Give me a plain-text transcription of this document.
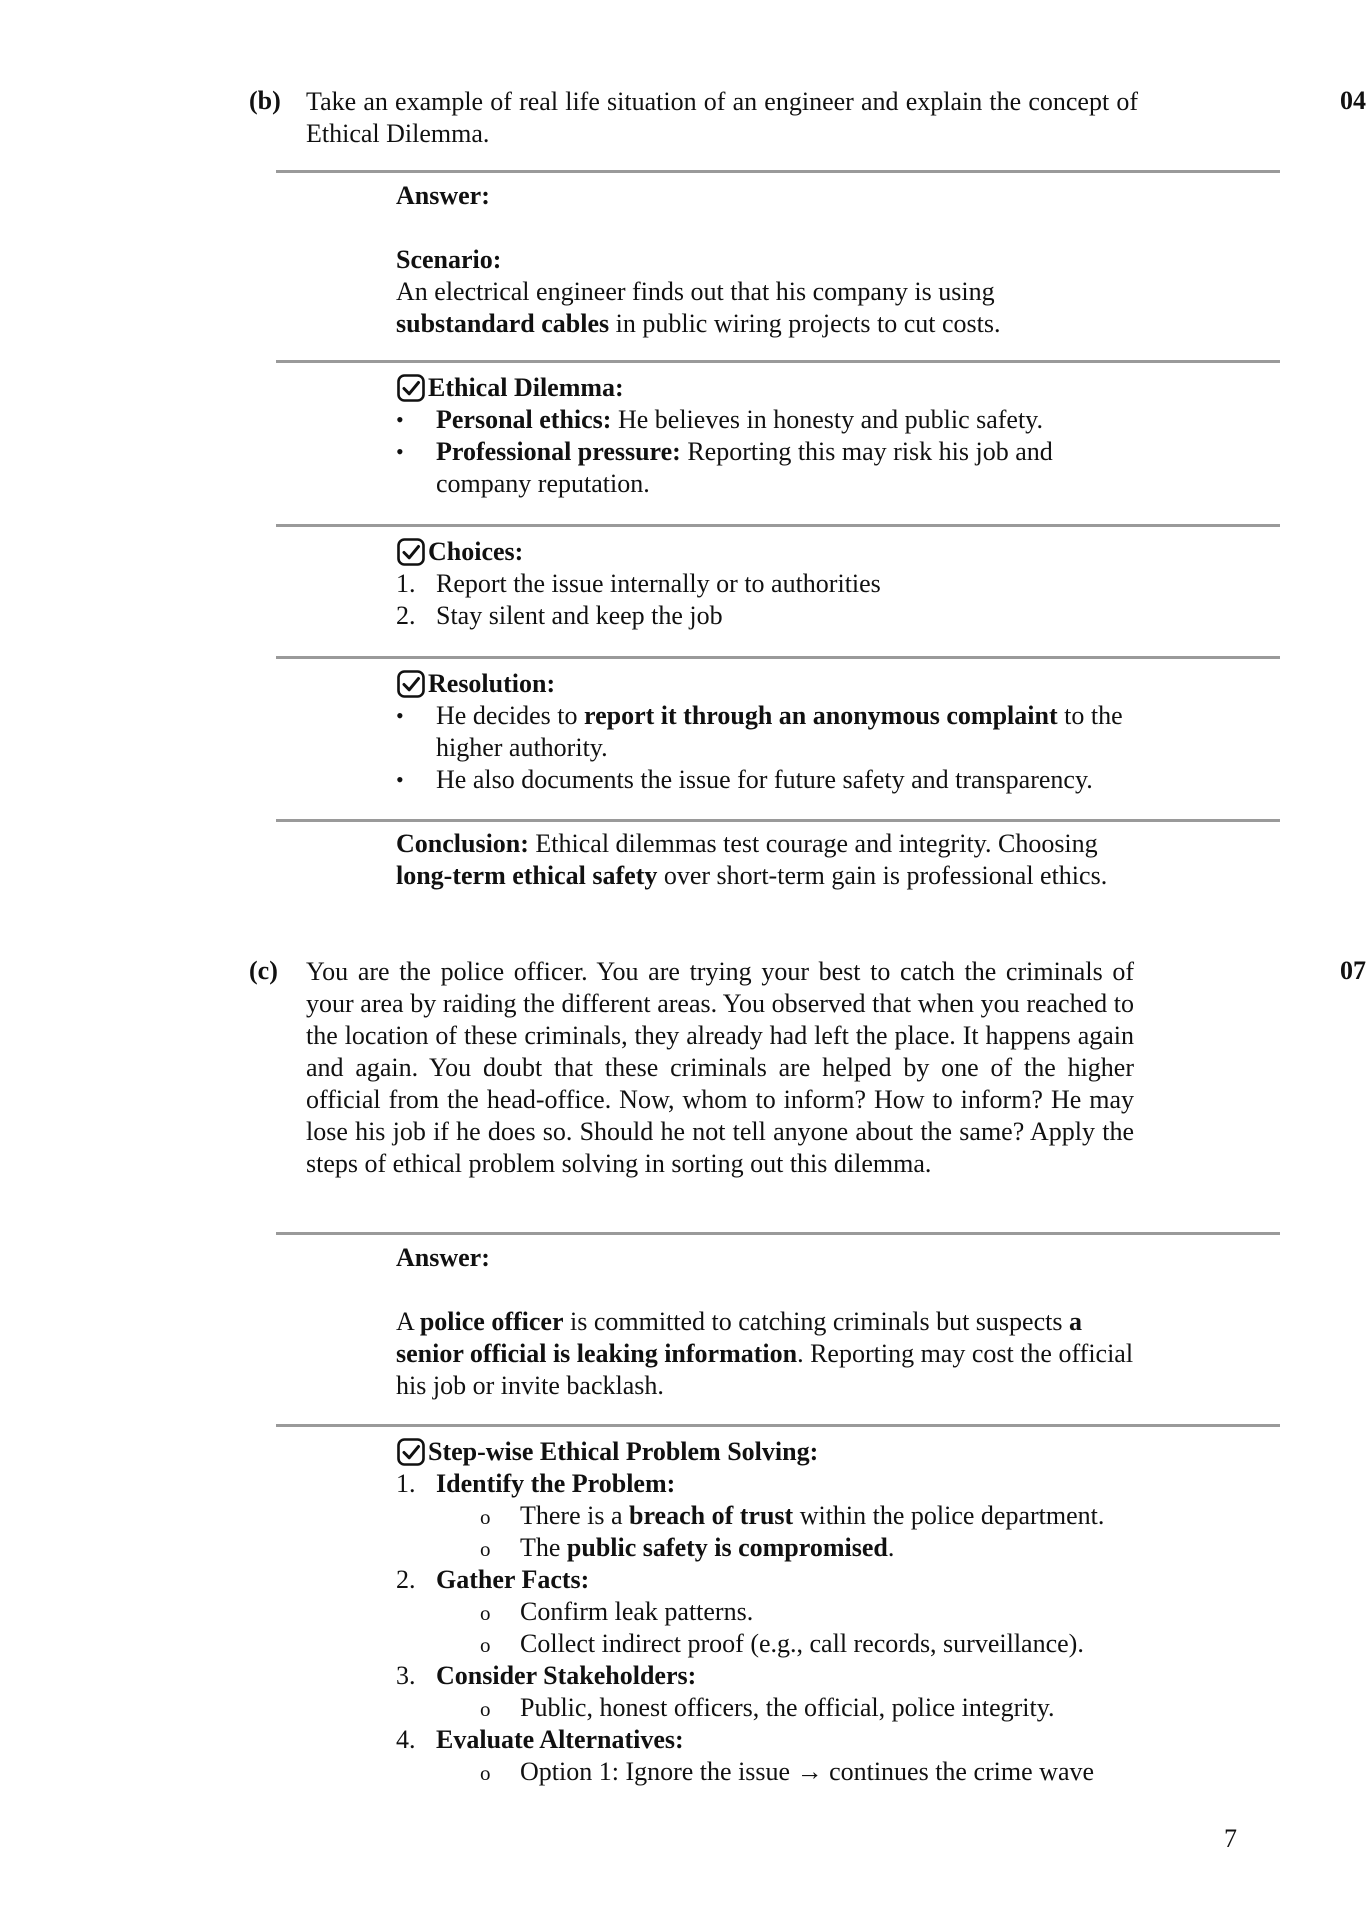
(b) Take an example of real life situation of an engineer and explain the concept of Ethical Dilemma.
04
Answer:
Scenario:
An electrical engineer finds out that his company is using
substandard cables in public wiring projects to cut costs.
Ethical Dilemma:
• Personal ethics: He believes in honesty and public safety.
• Professional pressure: Reporting this may risk his job and company reputation.
Choices:
1. Report the issue internally or to authorities
2. Stay silent and keep the job
Resolution:
• He decides to report it through an anonymous complaint to the higher authority.
• He also documents the issue for future safety and transparency.
Conclusion: Ethical dilemmas test courage and integrity. Choosing
long-term ethical safety over short-term gain is professional ethics.
(c) You are the police officer. You are trying your best to catch the criminals of your area by raiding the different areas. You observed that when you reached to the location of these criminals, they already had left the place. It happens again and again. You doubt that these criminals are helped by one of the higher official from the head-office. Now, whom to inform? How to inform? He may lose his job if he does so. Should he not tell anyone about the same? Apply the steps of ethical problem solving in sorting out this dilemma.
07
Answer:
A police officer is committed to catching criminals but suspects a senior official is leaking information. Reporting may cost the official his job or invite backlash.
Step-wise Ethical Problem Solving:
1. Identify the Problem:
o There is a breach of trust within the police department.
o The public safety is compromised.
2. Gather Facts:
o Confirm leak patterns.
o Collect indirect proof (e.g., call records, surveillance).
3. Consider Stakeholders:
o Public, honest officers, the official, police integrity.
4. Evaluate Alternatives:
o Option 1: Ignore the issue → continues the crime wave
7
